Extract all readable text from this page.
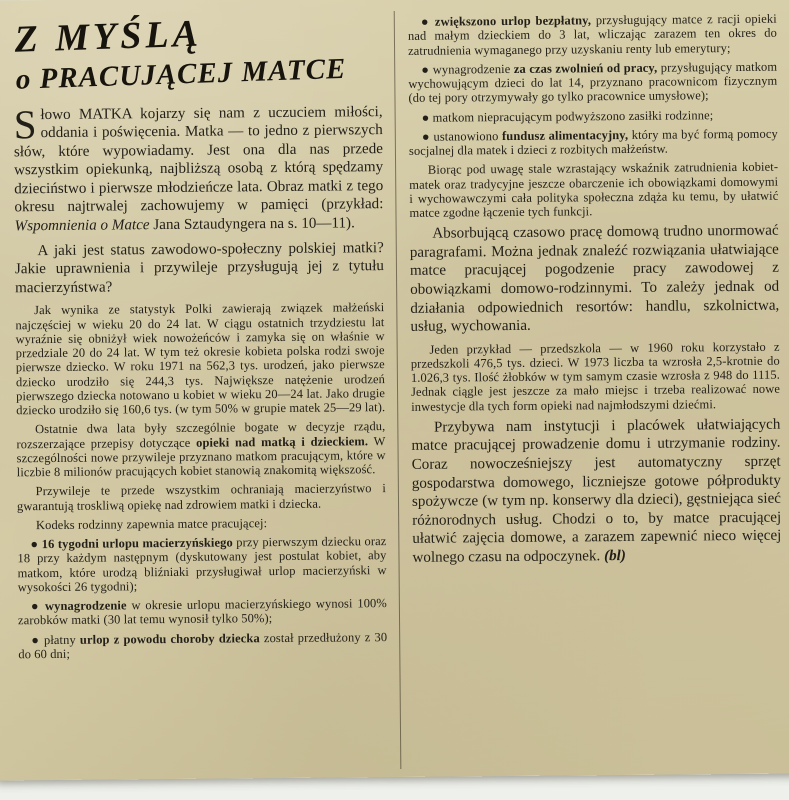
Z MYŚLĄ
o PRACUJĄCEJ MATCE

Słowo MATKA kojarzy się nam z uczuciem miłości, oddania i poświęcenia. Matka — to jedno z pierwszych słów, które wypowiadamy. Jest ona dla nas przede wszystkim opiekunką, najbliższą osobą z którą spędzamy dzieciństwo i pierwsze młodzieńcze lata. Obraz matki z tego okresu najtrwalej zachowujemy w pamięci (przykład: Wspomnienia o Matce Jana Sztaudyngera na s. 10—11).

A jaki jest status zawodowo-społeczny polskiej matki? Jakie uprawnienia i przywileje przysługują jej z tytułu macierzyństwa?

Jak wynika ze statystyk Polki zawierają związek małżeński najczęściej w wieku 20 do 24 lat. W ciągu ostatnich trzydziestu lat wyraźnie się obniżył wiek nowożeńców i zamyka się on właśnie w przedziale 20 do 24 lat. W tym też okresie kobieta polska rodzi swoje pierwsze dziecko. W roku 1971 na 562,3 tys. urodzeń, jako pierwsze dziecko urodziło się 244,3 tys. Największe natężenie urodzeń pierwszego dziecka notowano u kobiet w wieku 20—24 lat. Jako drugie dziecko urodziło się 160,6 tys. (w tym 50% w grupie matek 25—29 lat).

Ostatnie dwa lata były szczególnie bogate w decyzje rządu, rozszerzające przepisy dotyczące opieki nad matką i dzieckiem. W szczególności nowe przywileje przyznano matkom pracującym, które w liczbie 8 milionów pracujących kobiet stanowią znakomitą większość.

Przywileje te przede wszystkim ochraniają macierzyństwo i gwarantują troskliwą opiekę nad zdrowiem matki i dziecka.

Kodeks rodzinny zapewnia matce pracującej:

● 16 tygodni urlopu macierzyńskiego przy pierwszym dziecku oraz 18 przy każdym następnym (dyskutowany jest postulat kobiet, aby matkom, które urodzą bliźniaki przysługiwał urlop macierzyński w wysokości 26 tygodni);

● wynagrodzenie w okresie urlopu macierzyńskiego wynosi 100% zarobków matki (30 lat temu wynosił tylko 50%);

● płatny urlop z powodu choroby dziecka został przedłużony z 30 do 60 dni;

● zwiększono urlop bezpłatny, przysługujący matce z racji opieki nad małym dzieckiem do 3 lat, wliczając zarazem ten okres do zatrudnienia wymaganego przy uzyskaniu renty lub emerytury;

● wynagrodzenie za czas zwolnień od pracy, przysługujący matkom wychowującym dzieci do lat 14, przyznano pracownicom fizycznym (do tej pory otrzymywały go tylko pracownice umysłowe);

● matkom niepracującym podwyższono zasiłki rodzinne;

● ustanowiono fundusz alimentacyjny, który ma być formą pomocy socjalnej dla matek i dzieci z rozbitych małżeństw.

Biorąc pod uwagę stale wzrastający wskaźnik zatrudnienia kobiet-matek oraz tradycyjne jeszcze obarczenie ich obowiązkami domowymi i wychowawczymi cała polityka społeczna zdąża ku temu, by ułatwić matce zgodne łączenie tych funkcji.

Absorbującą czasowo pracę domową trudno unormować paragrafami. Można jednak znaleźć rozwiązania ułatwiające matce pracującej pogodzenie pracy zawodowej z obowiązkami domowo-rodzinnymi. To zależy jednak od działania odpowiednich resortów: handlu, szkolnictwa, usług, wychowania.

Jeden przykład — przedszkola — w 1960 roku korzystało z przedszkoli 476,5 tys. dzieci. W 1973 liczba ta wzrosła 2,5-krotnie do 1.026,3 tys. Ilość żłobków w tym samym czasie wzrosła z 948 do 1115. Jednak ciągle jest jeszcze za mało miejsc i trzeba realizować nowe inwestycje dla tych form opieki nad najmłodszymi dziećmi.

Przybywa nam instytucji i placówek ułatwiających matce pracującej prowadzenie domu i utrzymanie rodziny. Coraz nowocześniejszy jest automatyczny sprzęt gospodarstwa domowego, liczniejsze gotowe półprodukty spożywcze (w tym np. konserwy dla dzieci), gęstniejąca sieć różnorodnych usług. Chodzi o to, by matce pracującej ułatwić zajęcia domowe, a zarazem zapewnić nieco więcej wolnego czasu na odpoczynek. (bl)
